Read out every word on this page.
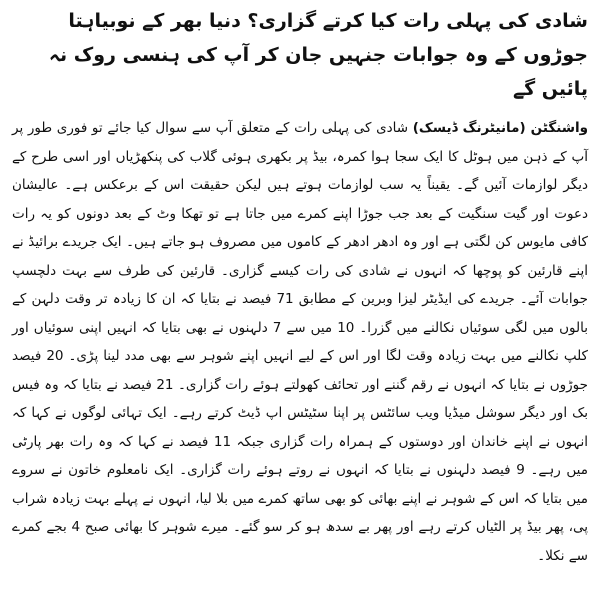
شادی کی پہلی رات کیا کرتے گزاری؟ دنیا بھر کے نوبیاہتا جوڑوں کے وہ جوابات جنہیں جان کر آپ کی ہنسی روک نہ پائیں گے

واشنگٹن (مانیٹرنگ ڈیسک) شادی کی پہلی رات کے متعلق آپ سے سوال کیا جائے تو فوری طور پر آپ کے ذہن میں ہوٹل کا ایک سجا ہوا کمرہ، بیڈ پر بکھری ہوئی گلاب کی پنکھڑیاں اور اسی طرح کے دیگر لوازمات آئیں گے۔ یقیناً یہ سب لوازمات ہوتے ہیں لیکن حقیقت اس کے برعکس ہے۔ عالیشان دعوت اور گیت سنگیت کے بعد جب جوڑا اپنے کمرے میں جاتا ہے تو تھکا وٹ کے بعد دونوں کو یہ رات کافی مایوس کن لگتی ہے اور وہ ادھر ادھر کے کاموں میں مصروف ہو جاتے ہیں۔ ایک جریدے برائیڈ نے اپنے قارئین کو پوچھا کہ انہوں نے شادی کی رات کیسے گزاری۔ قارئین کی طرف سے بہت دلچسپ جوابات آئے۔ جریدے کی ایڈیٹر لیزا وبرین کے مطابق 71 فیصد نے بتایا کہ ان کا زیادہ تر وقت دلہن کے بالوں میں لگی سوئیاں نکالنے میں گزرا۔ 10 میں سے 7 دلہنوں نے بھی بتایا کہ انہیں اپنی سوئیاں اور کلپ نکالنے میں بہت زیادہ وقت لگا اور اس کے لیے انہیں اپنے شوہر سے بھی مدد لینا پڑی۔ 20 فیصد جوڑوں نے بتایا کہ انہوں نے رقم گننے اور تحائف کھولتے ہوئے رات گزاری۔ 21 فیصد نے بتایا کہ وہ فیس بک اور دیگر سوشل میڈیا ویب سائٹس پر اپنا سٹیٹس اپ ڈیٹ کرتے رہے۔ ایک تہائی لوگوں نے کہا کہ انہوں نے اپنے خاندان اور دوستوں کے ہمراہ رات گزاری جبکہ 11 فیصد نے کہا کہ وہ رات بھر پارٹی میں رہے۔ 9 فیصد دلہنوں نے بتایا کہ انہوں نے روتے ہوئے رات گزاری۔ ایک نامعلوم خاتون نے سروے میں بتایا کہ اس کے شوہر نے اپنے بھائی کو بھی ساتھ کمرے میں بلا لیا، انہوں نے پہلے بہت زیادہ شراب پی، پھر بیڈ پر الٹیاں کرتے رہے اور پھر بے سدھ ہو کر سو گئے۔ میرے شوہر کا بھائی صبح 4 بجے کمرے سے نکلا۔
